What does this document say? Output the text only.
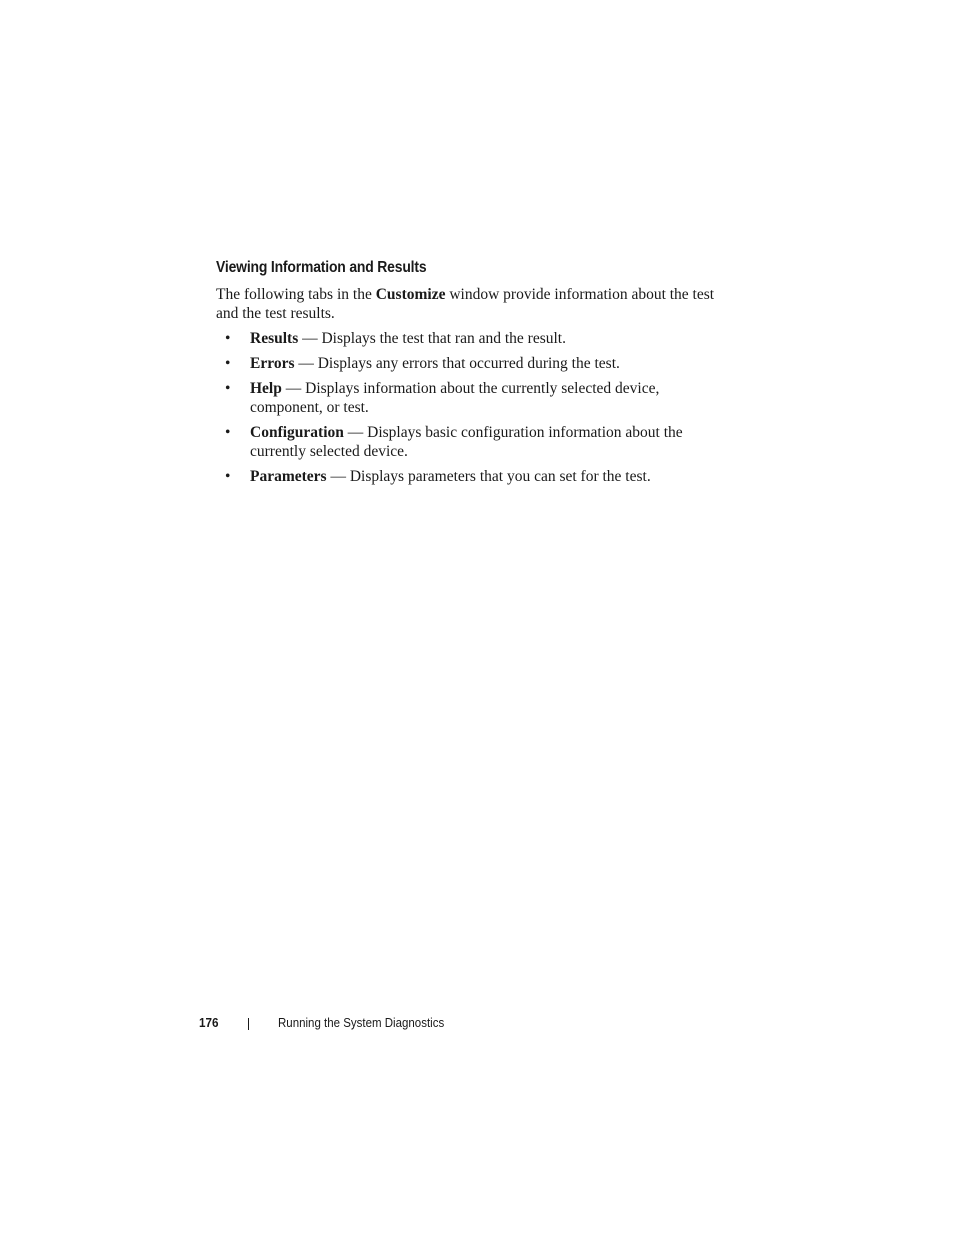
Viewing Information and Results

The following tabs in the Customize window provide information about the test and the test results.

• Results — Displays the test that ran and the result.
• Errors — Displays any errors that occurred during the test.
• Help — Displays information about the currently selected device, component, or test.
• Configuration — Displays basic configuration information about the currently selected device.
• Parameters — Displays parameters that you can set for the test.
176	Running the System Diagnostics
